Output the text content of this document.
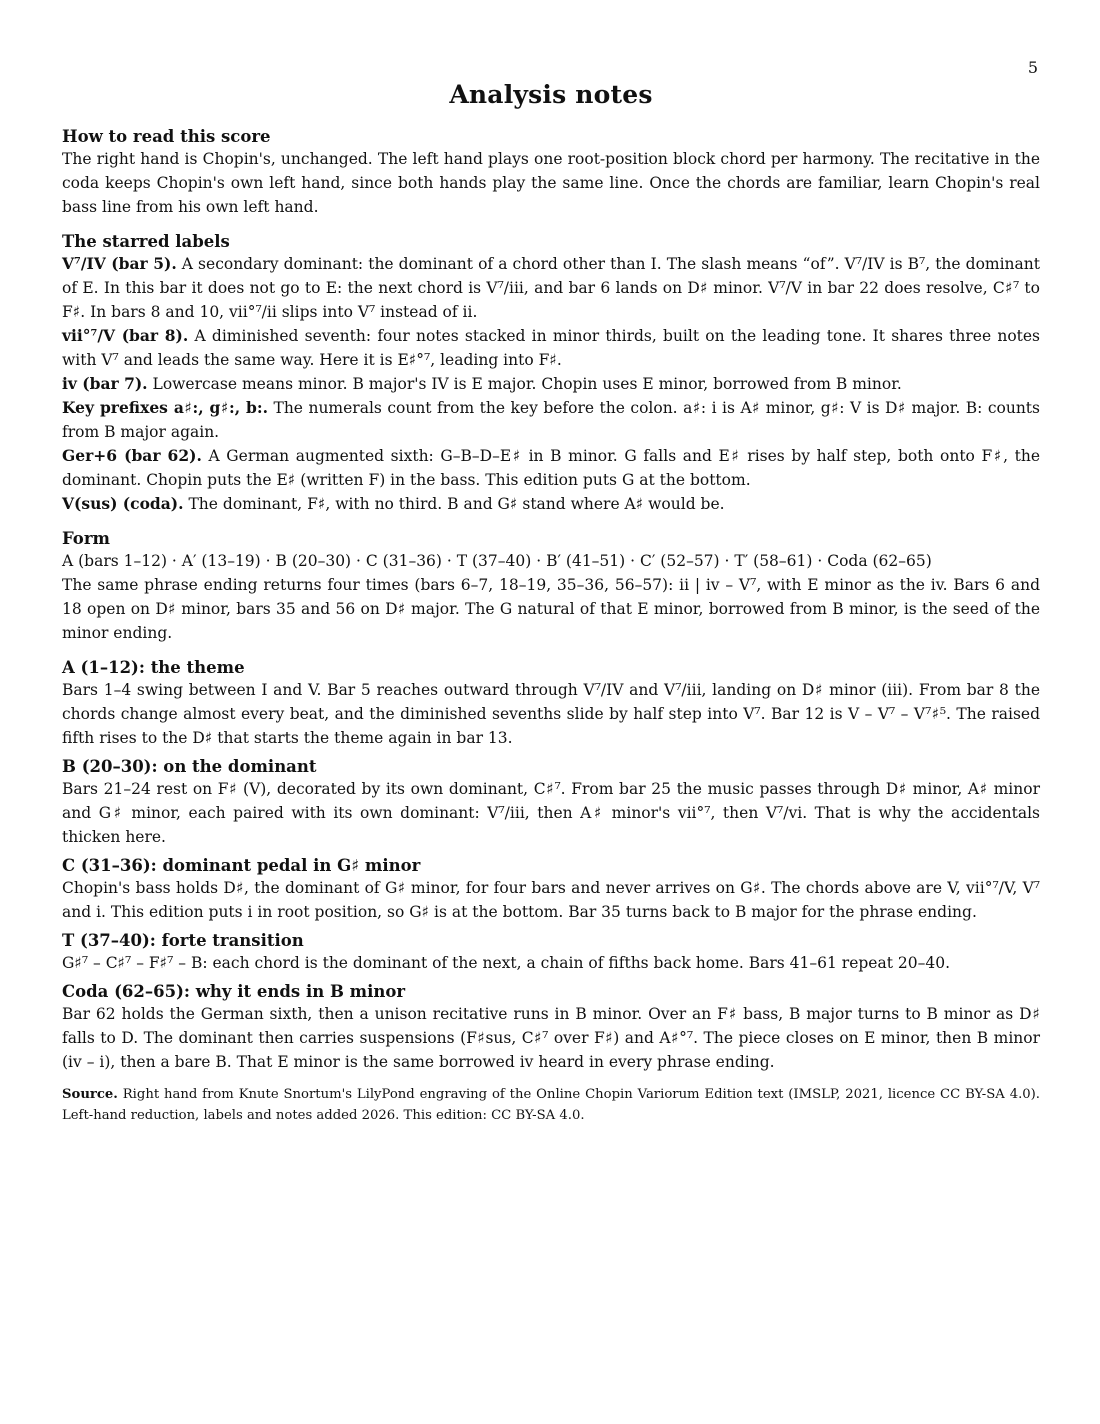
5
Analysis notes
How to read this score

The right hand is Chopin's, unchanged. The left hand plays one root-position block chord per harmony. The recitative in the coda keeps Chopin's own left hand, since both hands play the same line. Once the chords are familiar, learn Chopin's real bass line from his own left hand.

The starred labels

V⁷/IV (bar 5). A secondary dominant: the dominant of a chord other than I. The slash means “of”. V⁷/IV is B⁷, the dominant of E. In this bar it does not go to E: the next chord is V⁷/iii, and bar 6 lands on D♯ minor. V⁷/V in bar 22 does resolve, C♯⁷ to F♯. In bars 8 and 10, vii°⁷/ii slips into V⁷ instead of ii.

vii°⁷/V (bar 8). A diminished seventh: four notes stacked in minor thirds, built on the leading tone. It shares three notes with V⁷ and leads the same way. Here it is E♯°⁷, leading into F♯.

iv (bar 7). Lowercase means minor. B major's IV is E major. Chopin uses E minor, borrowed from B minor.

Key prefixes a♯:, g♯:, b:. The numerals count from the key before the colon. a♯: i is A♯ minor, g♯: V is D♯ major. B: counts from B major again.

Ger+6 (bar 62). A German augmented sixth: G–B–D–E♯ in B minor. G falls and E♯ rises by half step, both onto F♯, the dominant. Chopin puts the E♯ (written F) in the bass. This edition puts G at the bottom.

V(sus) (coda). The dominant, F♯, with no third. B and G♯ stand where A♯ would be.

Form

A (bars 1–12) · A′ (13–19) · B (20–30) · C (31–36) · T (37–40) · B′ (41–51) · C′ (52–57) · T′ (58–61) · Coda (62–65)

The same phrase ending returns four times (bars 6–7, 18–19, 35–36, 56–57): ii | iv – V⁷, with E minor as the iv. Bars 6 and 18 open on D♯ minor, bars 35 and 56 on D♯ major. The G natural of that E minor, borrowed from B minor, is the seed of the minor ending.

A (1–12): the theme

Bars 1–4 swing between I and V. Bar 5 reaches outward through V⁷/IV and V⁷/iii, landing on D♯ minor (iii). From bar 8 the chords change almost every beat, and the diminished sevenths slide by half step into V⁷. Bar 12 is V – V⁷ – V⁷♯⁵. The raised fifth rises to the D♯ that starts the theme again in bar 13.

B (20–30): on the dominant

Bars 21–24 rest on F♯ (V), decorated by its own dominant, C♯⁷. From bar 25 the music passes through D♯ minor, A♯ minor and G♯ minor, each paired with its own dominant: V⁷/iii, then A♯ minor's vii°⁷, then V⁷/vi. That is why the accidentals thicken here.

C (31–36): dominant pedal in G♯ minor

Chopin's bass holds D♯, the dominant of G♯ minor, for four bars and never arrives on G♯. The chords above are V, vii°⁷/V, V⁷ and i. This edition puts i in root position, so G♯ is at the bottom. Bar 35 turns back to B major for the phrase ending.

T (37–40): forte transition

G♯⁷ – C♯⁷ – F♯⁷ – B: each chord is the dominant of the next, a chain of fifths back home. Bars 41–61 repeat 20–40.

Coda (62–65): why it ends in B minor

Bar 62 holds the German sixth, then a unison recitative runs in B minor. Over an F♯ bass, B major turns to B minor as D♯ falls to D. The dominant then carries suspensions (F♯sus, C♯⁷ over F♯) and A♯°⁷. The piece closes on E minor, then B minor (iv – i), then a bare B. That E minor is the same borrowed iv heard in every phrase ending.

Source. Right hand from Knute Snortum's LilyPond engraving of the Online Chopin Variorum Edition text (IMSLP, 2021, licence CC BY-SA 4.0). Left-hand reduction, labels and notes added 2026. This edition: CC BY-SA 4.0.
